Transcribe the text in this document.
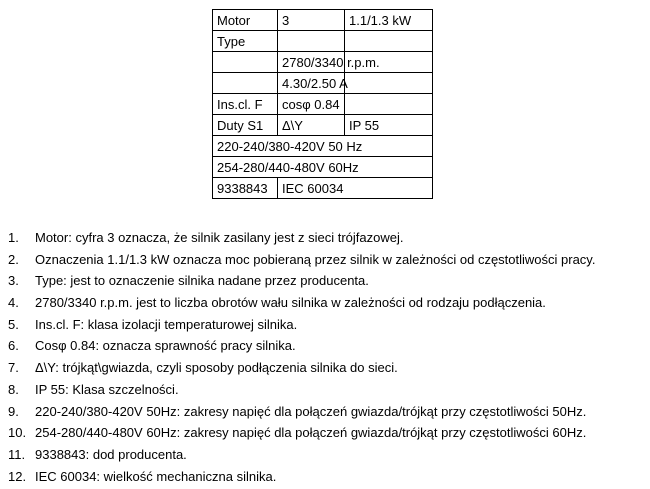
Motor	3	1.1/1.3 kW
Type		
	2780/3340 r.p.m.	
	4.30/2.50 A	
Ins.cl. F	cosφ 0.84	
Duty S1	Δ\Y	IP 55
220-240/380-420V 50 Hz		
254-280/440-480V 60Hz		
9338843	IEC 60034	
1. Motor: cyfra 3 oznacza, że silnik zasilany jest z sieci trójfazowej.
2. Oznaczenia 1.1/1.3 kW oznacza moc pobieraną przez silnik w zależności od częstotliwości pracy.
3. Type: jest to oznaczenie silnika nadane przez producenta.
4. 2780/3340 r.p.m. jest to liczba obrotów wału silnika w zależności od rodzaju podłączenia.
5. Ins.cl. F: klasa izolacji temperaturowej silnika.
6. Cosφ 0.84: oznacza sprawność pracy silnika.
7. Δ\Y: trójkąt\gwiazda, czyli sposoby podłączenia silnika do sieci.
8. IP 55: Klasa szczelności.
9. 220-240/380-420V 50Hz: zakresy napięć dla połączeń gwiazda/trójkąt przy częstotliwości 50Hz.
10. 254-280/440-480V 60Hz: zakresy napięć dla połączeń gwiazda/trójkąt przy częstotliwości 60Hz.
11. 9338843: dod producenta.
12. IEC 60034: wielkość mechaniczna silnika.
